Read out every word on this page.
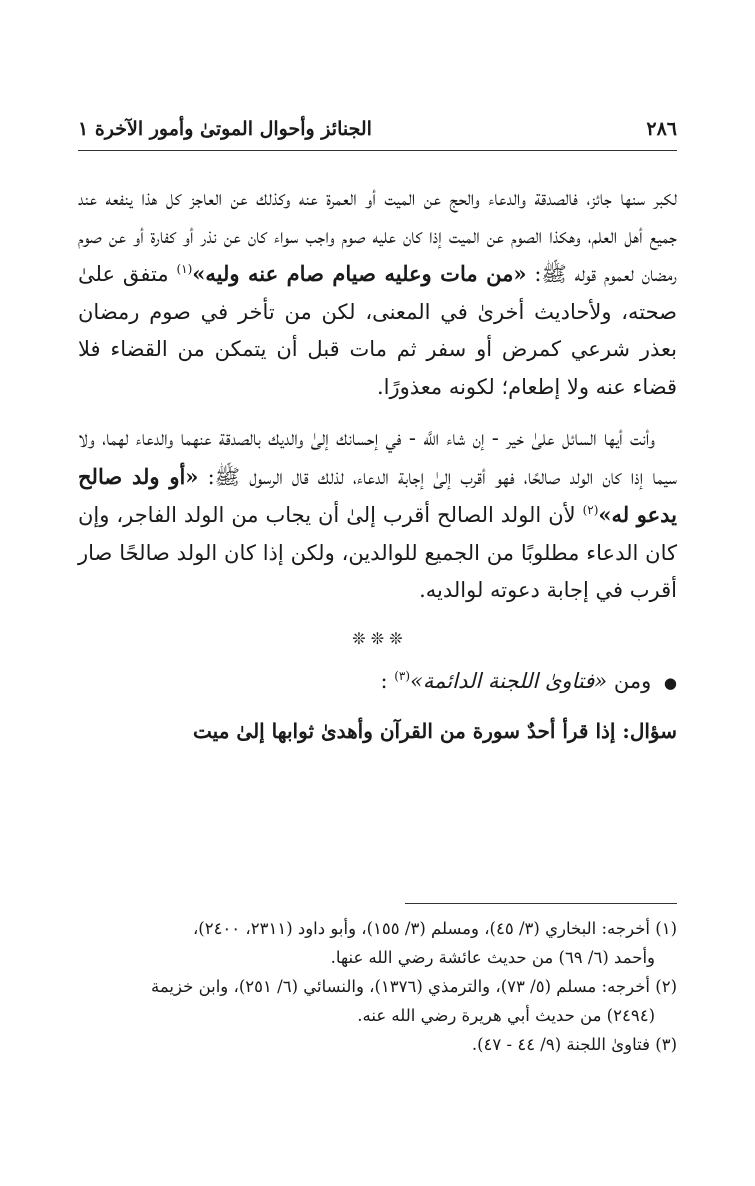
٢٨٦
الجنائز وأحوال الموتىٰ وأمور الآخرة ١

لكبر سنها جائز، فالصدقة والدعاء والحج عن الميت أو العمرة عنه وكذلك عن العاجز كل هذا ينفعه عند جميع أهل العلم، وهكذا الصوم عن الميت إذا كان عليه صوم واجب سواء كان عن نذر أو كفارة أو عن صوم رمضان لعموم قوله ﷺ: «من مات وعليه صيام صام عنه وليه»$^{(١)}$ متفق علىٰ صحته، ولأحاديث أخرىٰ في المعنى، لكن من تأخر في صوم رمضان بعذر شرعي كمرض أو سفر ثم مات قبل أن يتمكن من القضاء فلا قضاء عنه ولا إطعام؛ لكونه معذورًا.

وأنت أيها السائل علىٰ خير - إن شاء اللَّه - في إحسانك إلىٰ والديك بالصدقة عنهما والدعاء لهما، ولا سيما إذا كان الولد صالحًا، فهو أقرب إلىٰ إجابة الدعاء، لذلك قال الرسول ﷺ: «أو ولد صالح يدعو له»$^{(٢)}$ لأن الولد الصالح أقرب إلىٰ أن يجاب من الولد الفاجر، وإن كان الدعاء مطلوبًا من الجميع للوالدين، ولكن إذا كان الولد صالحًا صار أقرب في إجابة دعوته لوالديه.

❊ ❊ ❊
● ومن «فتاوىٰ اللجنة الدائمة»$^{(٣)}$ :
سؤال: إذا قرأ أحدٌ سورة من القرآن وأهدىٰ ثوابها إلىٰ ميت
(١) أخرجه: البخاري (٣/ ٤٥)، ومسلم (٣/ ١٥٥)، وأبو داود (٢٣١١، ٢٤٠٠)،
وأحمد (٦/ ٦٩) من حديث عائشة رضي الله عنها.
(٢) أخرجه: مسلم (٥/ ٧٣)، والترمذي (١٣٧٦)، والنسائي (٦/ ٢٥١)، وابن خزيمة
(٢٤٩٤) من حديث أبي هريرة رضي الله عنه.
(٣) فتاوىٰ اللجنة (٩/ ٤٤ - ٤٧).
